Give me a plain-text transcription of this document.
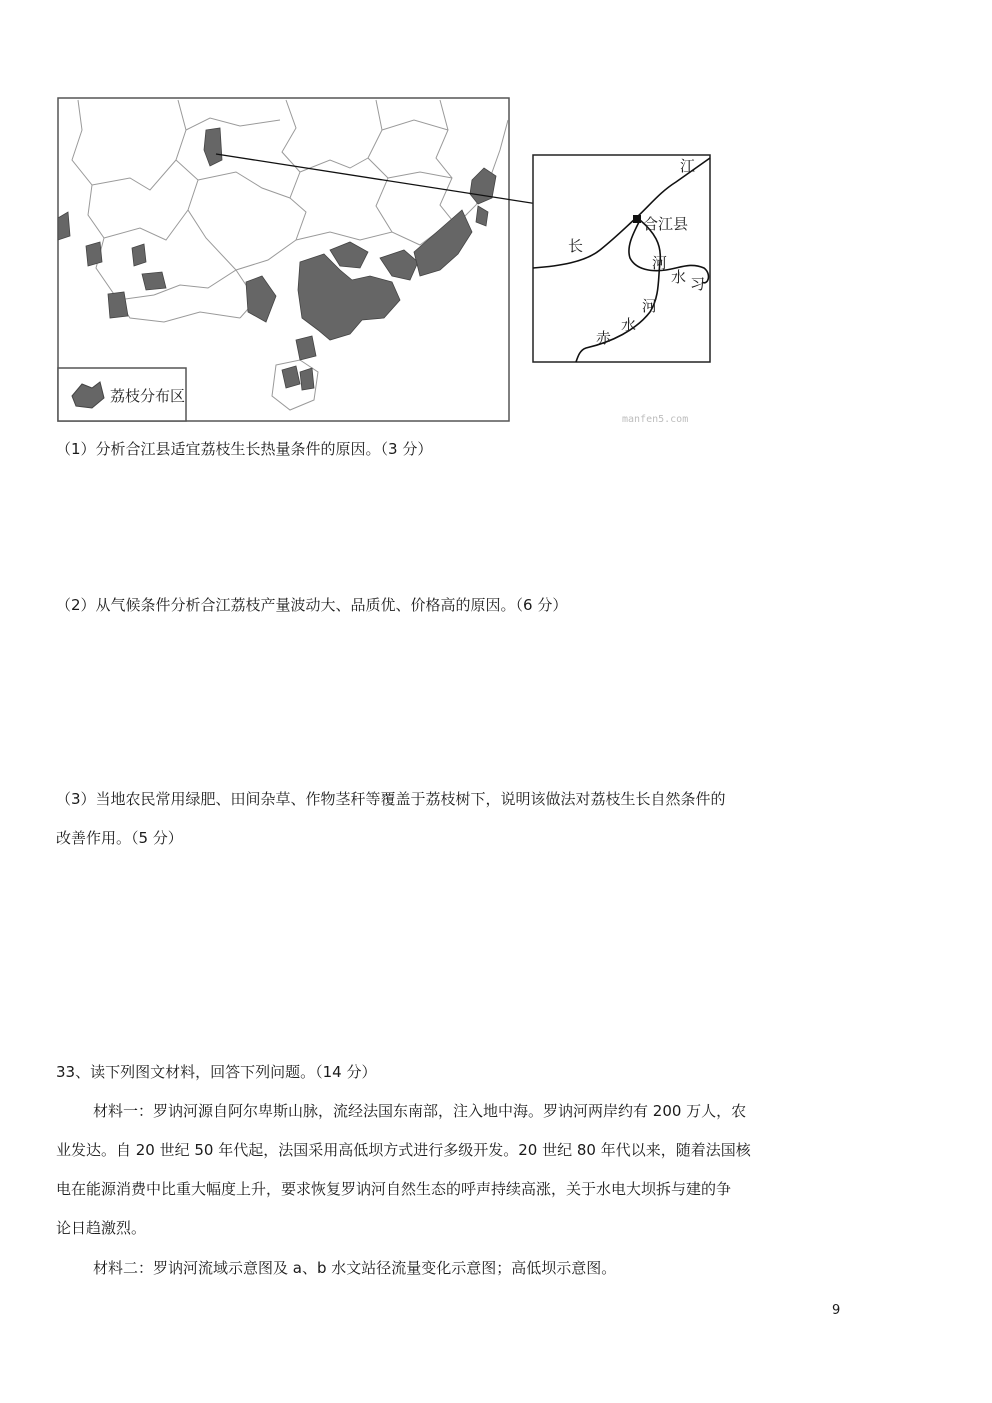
荔枝分布区
合江县
江
长
河
习
水
河
水
赤
manfen5.com
（1）分析合江县适宜荔枝生长热量条件的原因。（3 分）
（2）从气候条件分析合江荔枝产量波动大、品质优、价格高的原因。（6 分）
（3）当地农民常用绿肥、田间杂草、作物茎秆等覆盖于荔枝树下，说明该做法对荔枝生长自然条件的
改善作用。（5 分）
33、读下列图文材料，回答下列问题。（14 分）
材料一：罗讷河源自阿尔卑斯山脉，流经法国东南部，注入地中海。罗讷河两岸约有 200 万人，农
业发达。自 20 世纪 50 年代起，法国采用高低坝方式进行多级开发。20 世纪 80 年代以来，随着法国核
电在能源消费中比重大幅度上升，要求恢复罗讷河自然生态的呼声持续高涨，关于水电大坝拆与建的争
论日趋激烈。
材料二：罗讷河流域示意图及 a、b 水文站径流量变化示意图；高低坝示意图。
9
